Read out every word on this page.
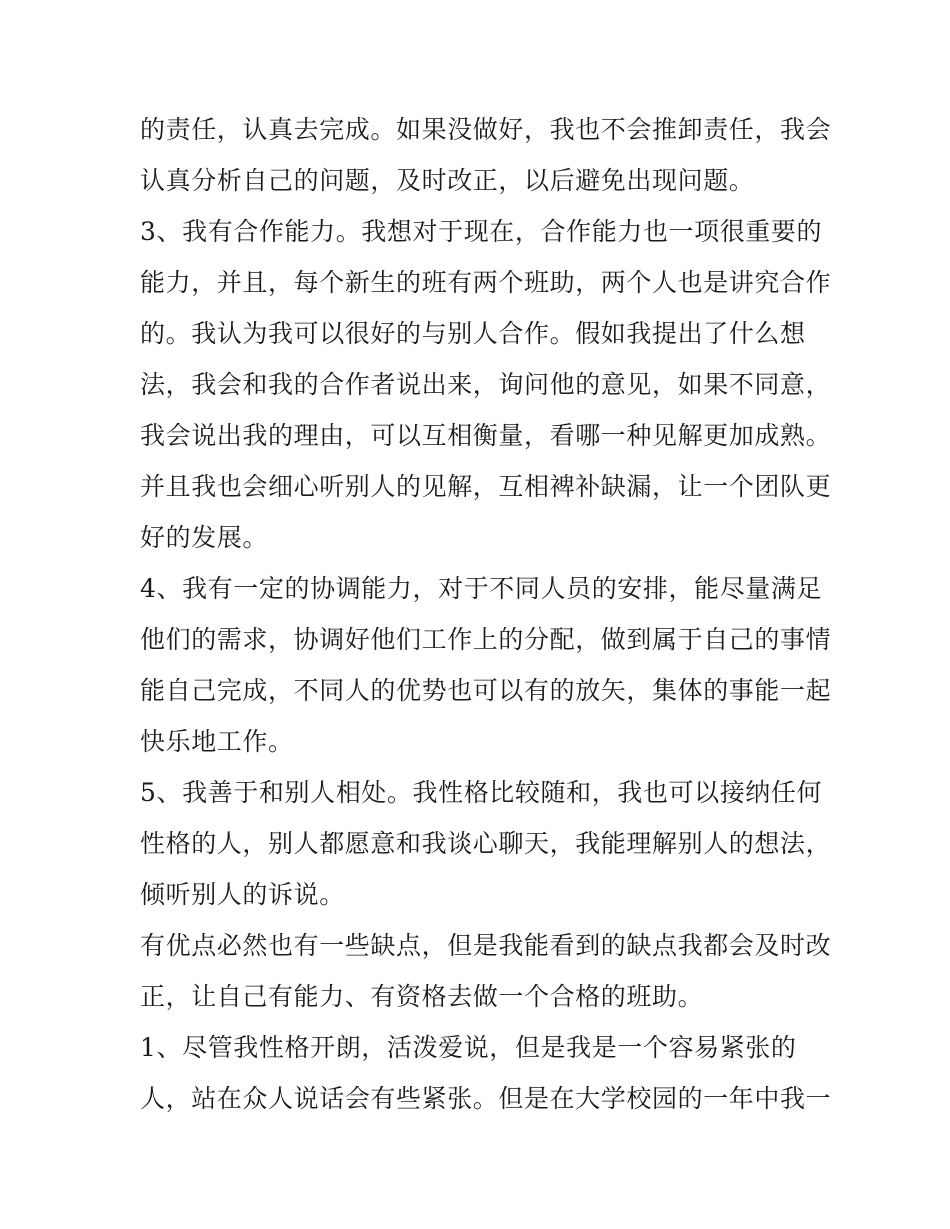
的责任，认真去完成。如果没做好，我也不会推卸责任，我会
认真分析自己的问题，及时改正，以后避免出现问题。
3、我有合作能力。我想对于现在，合作能力也一项很重要的
能力，并且，每个新生的班有两个班助，两个人也是讲究合作
的。我认为我可以很好的与别人合作。假如我提出了什么想
法，我会和我的合作者说出来，询问他的意见，如果不同意，
我会说出我的理由，可以互相衡量，看哪一种见解更加成熟。
并且我也会细心听别人的见解，互相裨补缺漏，让一个团队更
好的发展。
4、我有一定的协调能力，对于不同人员的安排，能尽量满足
他们的需求，协调好他们工作上的分配，做到属于自己的事情
能自己完成，不同人的优势也可以有的放矢，集体的事能一起
快乐地工作。
5、我善于和别人相处。我性格比较随和，我也可以接纳任何
性格的人，别人都愿意和我谈心聊天，我能理解别人的想法，
倾听别人的诉说。
有优点必然也有一些缺点，但是我能看到的缺点我都会及时改
正，让自己有能力、有资格去做一个合格的班助。
1、尽管我性格开朗，活泼爱说，但是我是一个容易紧张的
人，站在众人说话会有些紧张。但是在大学校园的一年中我一
